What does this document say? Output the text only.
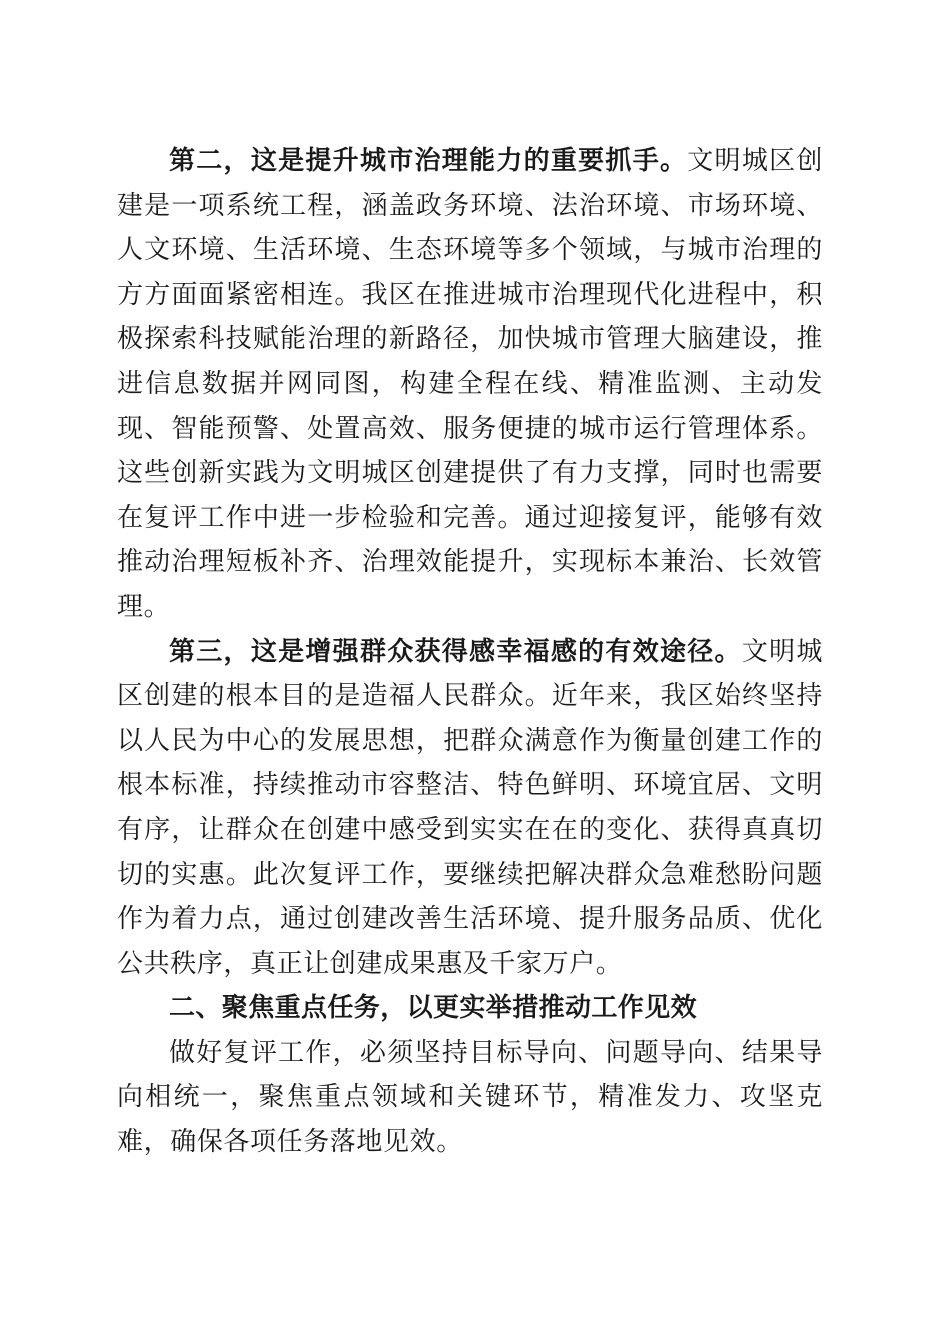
第二，这是提升城市治理能力的重要抓手。文明城区创建是一项系统工程，涵盖政务环境、法治环境、市场环境、人文环境、生活环境、生态环境等多个领域，与城市治理的方方面面紧密相连。我区在推进城市治理现代化进程中，积极探索科技赋能治理的新路径，加快城市管理大脑建设，推进信息数据并网同图，构建全程在线、精准监测、主动发现、智能预警、处置高效、服务便捷的城市运行管理体系。这些创新实践为文明城区创建提供了有力支撑，同时也需要在复评工作中进一步检验和完善。通过迎接复评，能够有效推动治理短板补齐、治理效能提升，实现标本兼治、长效管理。

第三，这是增强群众获得感幸福感的有效途径。文明城区创建的根本目的是造福人民群众。近年来，我区始终坚持以人民为中心的发展思想，把群众满意作为衡量创建工作的根本标准，持续推动市容整洁、特色鲜明、环境宜居、文明有序，让群众在创建中感受到实实在在的变化、获得真真切切的实惠。此次复评工作，要继续把解决群众急难愁盼问题作为着力点，通过创建改善生活环境、提升服务品质、优化公共秩序，真正让创建成果惠及千家万户。

二、聚焦重点任务，以更实举措推动工作见效

做好复评工作，必须坚持目标导向、问题导向、结果导向相统一，聚焦重点领域和关键环节，精准发力、攻坚克难，确保各项任务落地见效。
